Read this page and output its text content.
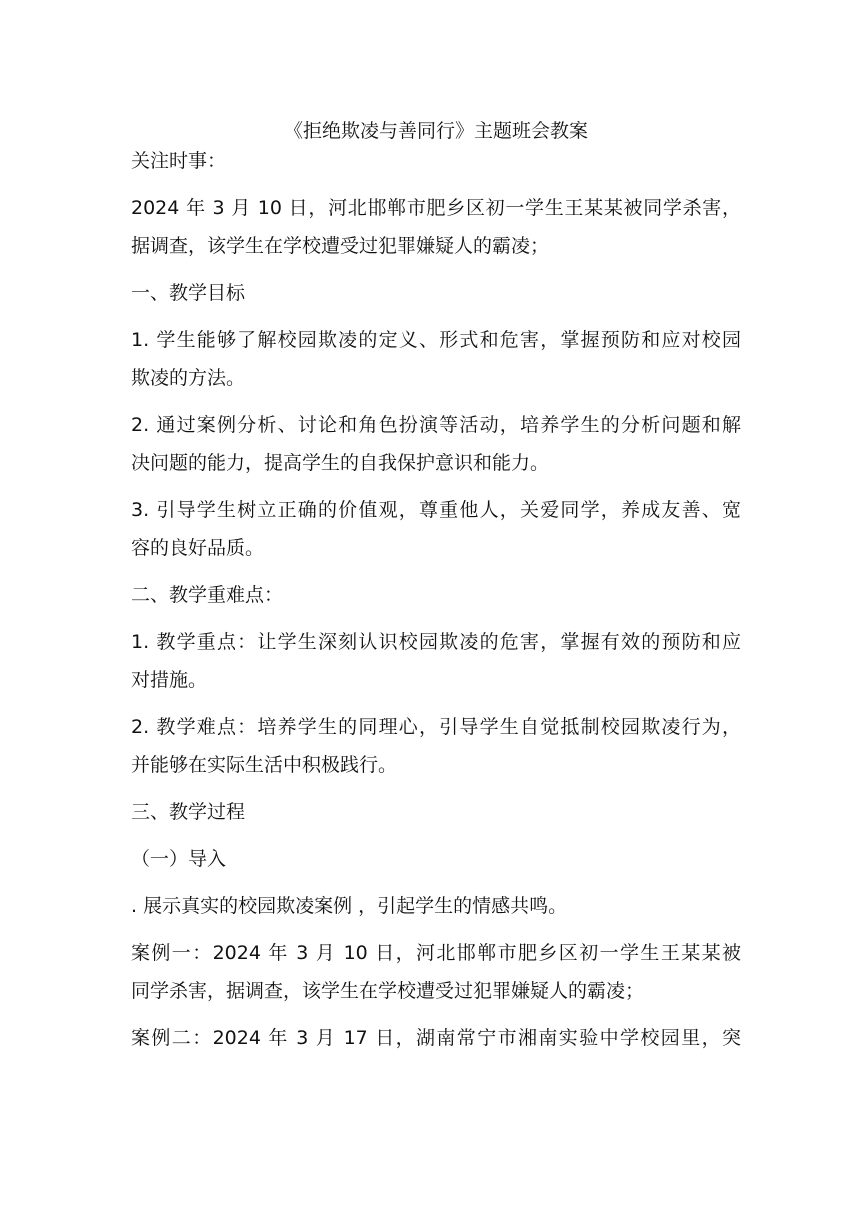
《拒绝欺凌与善同行》主题班会教案

关注时事：

2024 年 3 月 10 日，河北邯郸市肥乡区初一学生王某某被同学杀害，

据调查，该学生在学校遭受过犯罪嫌疑人的霸凌；

一、教学目标

1. 学生能够了解校园欺凌的定义、形式和危害，掌握预防和应对校园

欺凌的方法。

2. 通过案例分析、讨论和角色扮演等活动，培养学生的分析问题和解

决问题的能力，提高学生的自我保护意识和能力。

3. 引导学生树立正确的价值观，尊重他人，关爱同学，养成友善、宽

容的良好品质。

二、教学重难点：

1. 教学重点：让学生深刻认识校园欺凌的危害，掌握有效的预防和应

对措施。

2. 教学难点：培养学生的同理心，引导学生自觉抵制校园欺凌行为，

并能够在实际生活中积极践行。

三、教学过程

（一）导入

. 展示真实的校园欺凌案例 ，引起学生的情感共鸣。

案例一：2024 年 3 月 10 日，河北邯郸市肥乡区初一学生王某某被

同学杀害，据调查，该学生在学校遭受过犯罪嫌疑人的霸凌；

案例二：2024 年 3 月 17 日，湖南常宁市湘南实验中学校园里，突
